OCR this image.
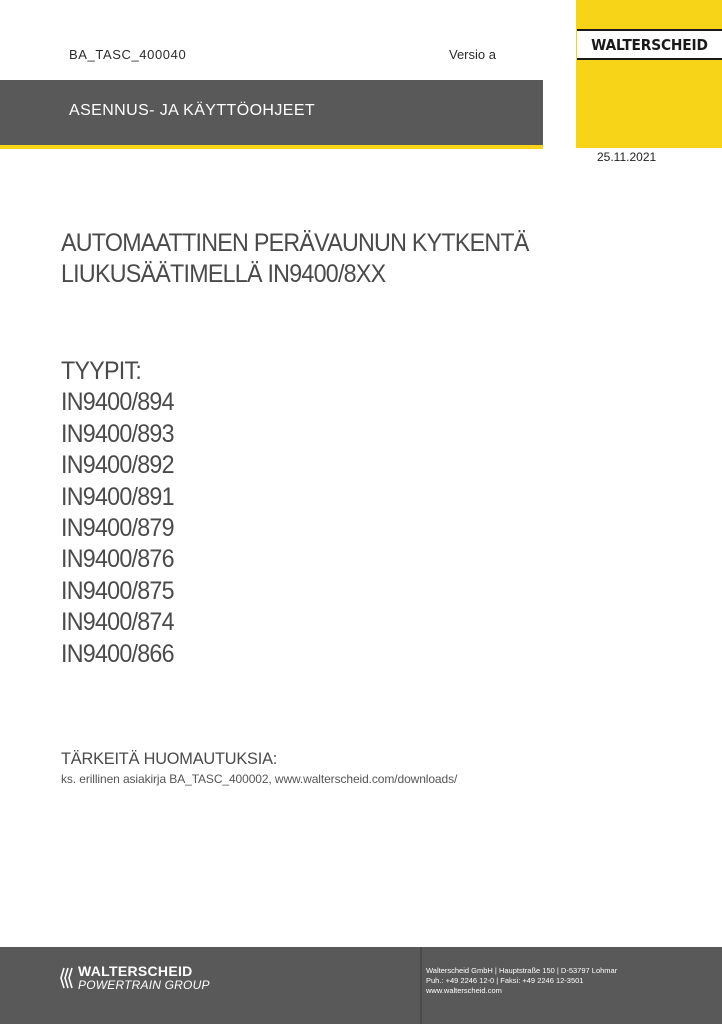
BA_TASC_400040	Versio a
ASENNUS- JA KÄYTTÖOHJEET
WALTERSCHEID
25.11.2021
AUTOMAATTINEN PERÄVAUNUN KYTKENTÄ
LIUKUSÄÄTIMELLÄ IN9400/8XX
TYYPIT:
IN9400/894
IN9400/893
IN9400/892
IN9400/891
IN9400/879
IN9400/876
IN9400/875
IN9400/874
IN9400/866
TÄRKEITÄ HUOMAUTUKSIA:
ks. erillinen asiakirja BA_TASC_400002, www.walterscheid.com/downloads/
WALTERSCHEID
POWERTRAIN GROUP
Walterscheid GmbH | Hauptstraße 150 | D-53797 Lohmar
Puh.: +49 2246 12-0 | Faksi: +49 2246 12-3501
www.walterscheid.com
